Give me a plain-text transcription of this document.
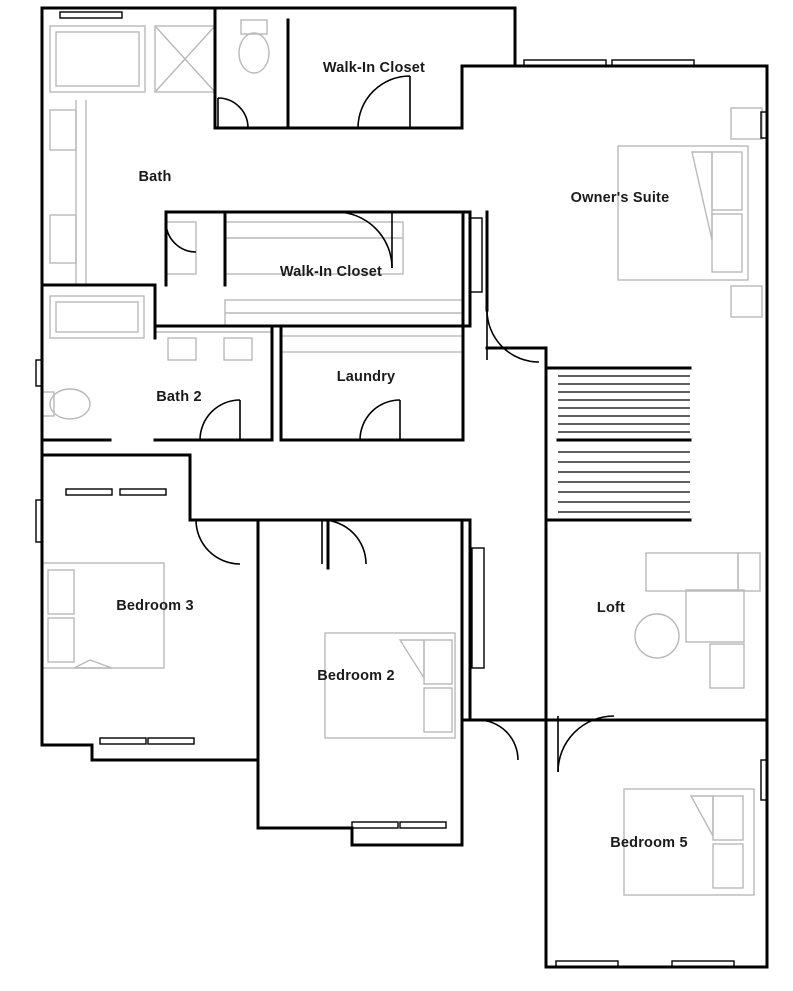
Walk-In Closet
Bath
Owner's Suite
Walk-In Closet
Laundry
Bath 2
Bedroom 3	Loft
Bedroom 2
Bedroom 5
